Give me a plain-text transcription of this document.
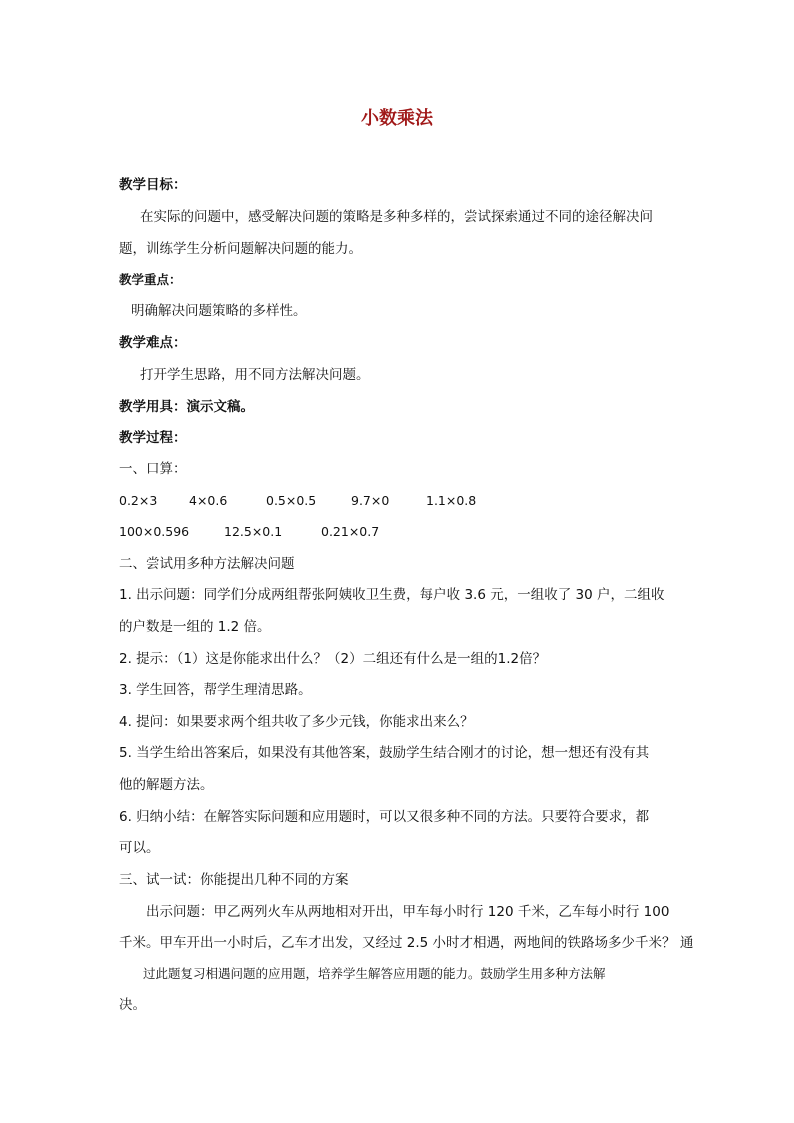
小数乘法
教学目标：
在实际的问题中，感受解决问题的策略是多种多样的，尝试探索通过不同的途径解决问
题，训练学生分析问题解决问题的能力。
教学重点：
明确解决问题策略的多样性。
教学难点：
打开学生思路，用不同方法解决问题。
教学用具：演示文稿。
教学过程：
一、口算：
0.2×3	4×0.6	0.5×0.5	9.7×0	1.1×0.8
100×0.596	12.5×0.1	0.21×0.7
二、尝试用多种方法解决问题
1. 出示问题：同学们分成两组帮张阿姨收卫生费，每户收 3.6 元，一组收了 30 户，二组收
的户数是一组的 1.2 倍。
2. 提示：（1）这是你能求出什么？（2）二组还有什么是一组的1.2倍？
3. 学生回答，帮学生理清思路。
4. 提问：如果要求两个组共收了多少元钱，你能求出来么？
5. 当学生给出答案后，如果没有其他答案，鼓励学生结合刚才的讨论，想一想还有没有其
他的解题方法。
6. 归纳小结：在解答实际问题和应用题时，可以又很多种不同的方法。只要符合要求，都
可以。
三、试一试：你能提出几种不同的方案
出示问题：甲乙两列火车从两地相对开出，甲车每小时行 120 千米，乙车每小时行 100
千米。甲车开出一小时后，乙车才出发，又经过 2.5 小时才相遇，两地间的铁路场多少千米？ 通
过此题复习相遇问题的应用题，培养学生解答应用题的能力。鼓励学生用多种方法解
决。
